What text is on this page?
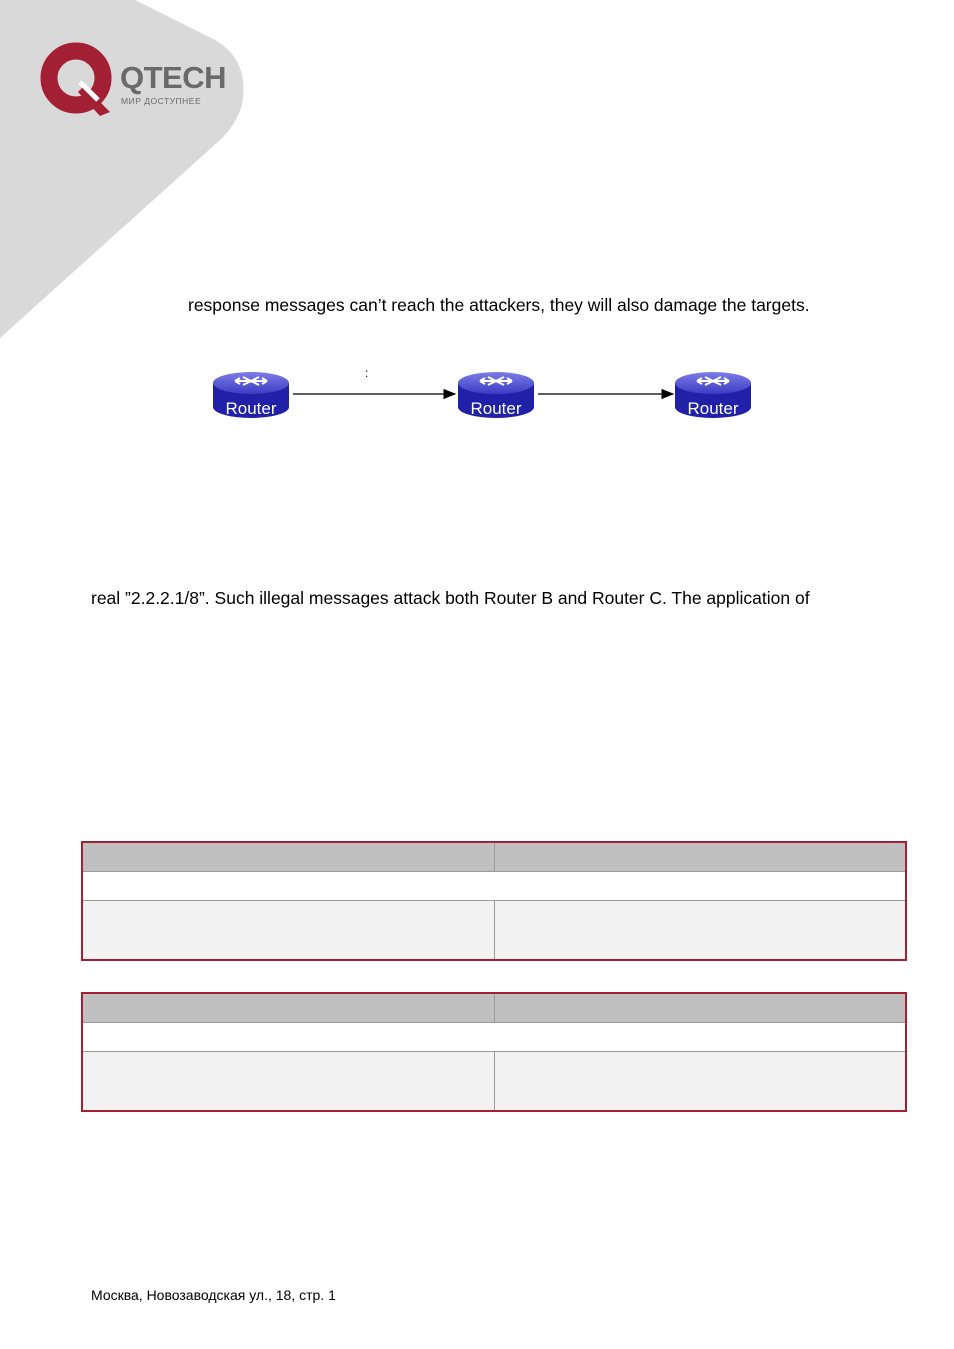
QTECH
МИР ДОСТУПНЕЕ
response messages can’t reach the attackers, they will also damage the targets.
:
Router	Router	Router
real ”2.2.2.1/8”. Such illegal messages attack both Router B and Router C. The application of

Москва, Новозаводская ул., 18, стр. 1
